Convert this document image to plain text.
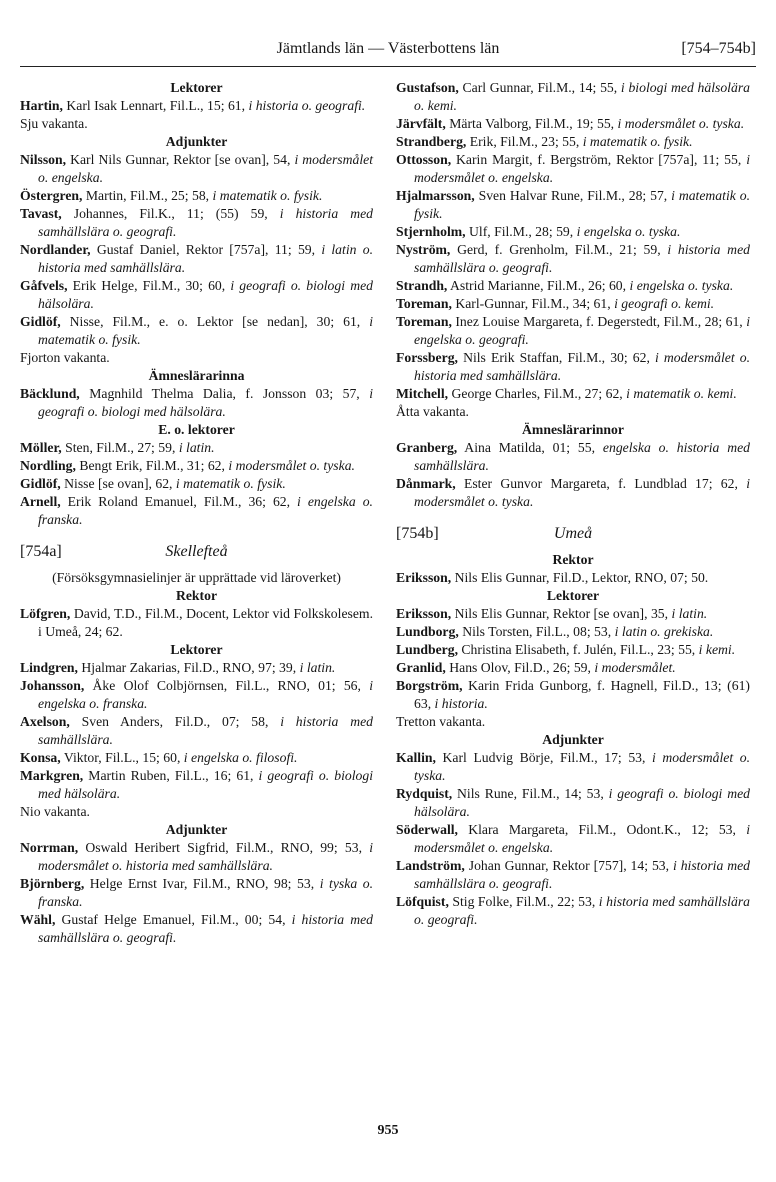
Jämtlands län — Västerbottens län	[754–754b]
Lektorer
Hartin, Karl Isak Lennart, Fil.L., 15; 61, i historia o. geografi.
Sju vakanta.
Adjunkter
Nilsson, Karl Nils Gunnar, Rektor [se ovan], 54, i modersmålet o. engelska.
Östergren, Martin, Fil.M., 25; 58, i matematik o. fysik.
Tavast, Johannes, Fil.K., 11; (55) 59, i historia med samhällslära o. geografi.
Nordlander, Gustaf Daniel, Rektor [757a], 11; 59, i latin o. historia med samhällslära.
Gåfvels, Erik Helge, Fil.M., 30; 60, i geografi o. biologi med hälsolära.
Gidlöf, Nisse, Fil.M., e. o. Lektor [se nedan], 30; 61, i matematik o. fysik.
Fjorton vakanta.
Ämneslärarinna
Bäcklund, Magnhild Thelma Dalia, f. Jonsson 03; 57, i geografi o. biologi med hälsolära.
E. o. lektorer
Möller, Sten, Fil.M., 27; 59, i latin.
Nordling, Bengt Erik, Fil.M., 31; 62, i modersmålet o. tyska.
Gidlöf, Nisse [se ovan], 62, i matematik o. fysik.
Arnell, Erik Roland Emanuel, Fil.M., 36; 62, i engelska o. franska.
[754a]	Skellefteå
(Försöksgymnasielinjer är upprättade vid läroverket)
Rektor
Löfgren, David, T.D., Fil.M., Docent, Lektor vid Folkskolesem. i Umeå, 24; 62.
Lektorer
Lindgren, Hjalmar Zakarias, Fil.D., RNO, 97; 39, i latin.
Johansson, Åke Olof Colbjörnsen, Fil.L., RNO, 01; 56, i engelska o. franska.
Axelson, Sven Anders, Fil.D., 07; 58, i historia med samhällslära.
Konsa, Viktor, Fil.L., 15; 60, i engelska o. filosofi.
Markgren, Martin Ruben, Fil.L., 16; 61, i geografi o. biologi med hälsolära.
Nio vakanta.
Adjunkter
Norrman, Oswald Heribert Sigfrid, Fil.M., RNO, 99; 53, i modersmålet o. historia med samhällslära.
Björnberg, Helge Ernst Ivar, Fil.M., RNO, 98; 53, i tyska o. franska.
Wähl, Gustaf Helge Emanuel, Fil.M., 00; 54, i historia med samhällslära o. geografi.
Gustafson, Carl Gunnar, Fil.M., 14; 55, i biologi med hälsolära o. kemi.
Järvfält, Märta Valborg, Fil.M., 19; 55, i modersmålet o. tyska.
Strandberg, Erik, Fil.M., 23; 55, i matematik o. fysik.
Ottosson, Karin Margit, f. Bergström, Rektor [757a], 11; 55, i modersmålet o. engelska.
Hjalmarsson, Sven Halvar Rune, Fil.M., 28; 57, i matematik o. fysik.
Stjernholm, Ulf, Fil.M., 28; 59, i engelska o. tyska.
Nyström, Gerd, f. Grenholm, Fil.M., 21; 59, i historia med samhällslära o. geografi.
Strandh, Astrid Marianne, Fil.M., 26; 60, i engelska o. tyska.
Toreman, Karl-Gunnar, Fil.M., 34; 61, i geografi o. kemi.
Toreman, Inez Louise Margareta, f. Degerstedt, Fil.M., 28; 61, i engelska o. geografi.
Forssberg, Nils Erik Staffan, Fil.M., 30; 62, i modersmålet o. historia med samhällslära.
Mitchell, George Charles, Fil.M., 27; 62, i matematik o. kemi.
Åtta vakanta.
Ämneslärarinnor
Granberg, Aina Matilda, 01; 55, engelska o. historia med samhällslära.
Dånmark, Ester Gunvor Margareta, f. Lundblad 17; 62, i modersmålet o. tyska.
[754b]	Umeå
Rektor
Eriksson, Nils Elis Gunnar, Fil.D., Lektor, RNO, 07; 50.
Lektorer
Eriksson, Nils Elis Gunnar, Rektor [se ovan], 35, i latin.
Lundborg, Nils Torsten, Fil.L., 08; 53, i latin o. grekiska.
Lundberg, Christina Elisabeth, f. Julén, Fil.L., 23; 55, i kemi.
Granlid, Hans Olov, Fil.D., 26; 59, i modersmålet.
Borgström, Karin Frida Gunborg, f. Hagnell, Fil.D., 13; (61) 63, i historia.
Tretton vakanta.
Adjunkter
Kallin, Karl Ludvig Börje, Fil.M., 17; 53, i modersmålet o. tyska.
Rydquist, Nils Rune, Fil.M., 14; 53, i geografi o. biologi med hälsolära.
Söderwall, Klara Margareta, Fil.M., Odont.K., 12; 53, i modersmålet o. engelska.
Landström, Johan Gunnar, Rektor [757], 14; 53, i historia med samhällslära o. geografi.
Löfquist, Stig Folke, Fil.M., 22; 53, i historia med samhällslära o. geografi.
955
